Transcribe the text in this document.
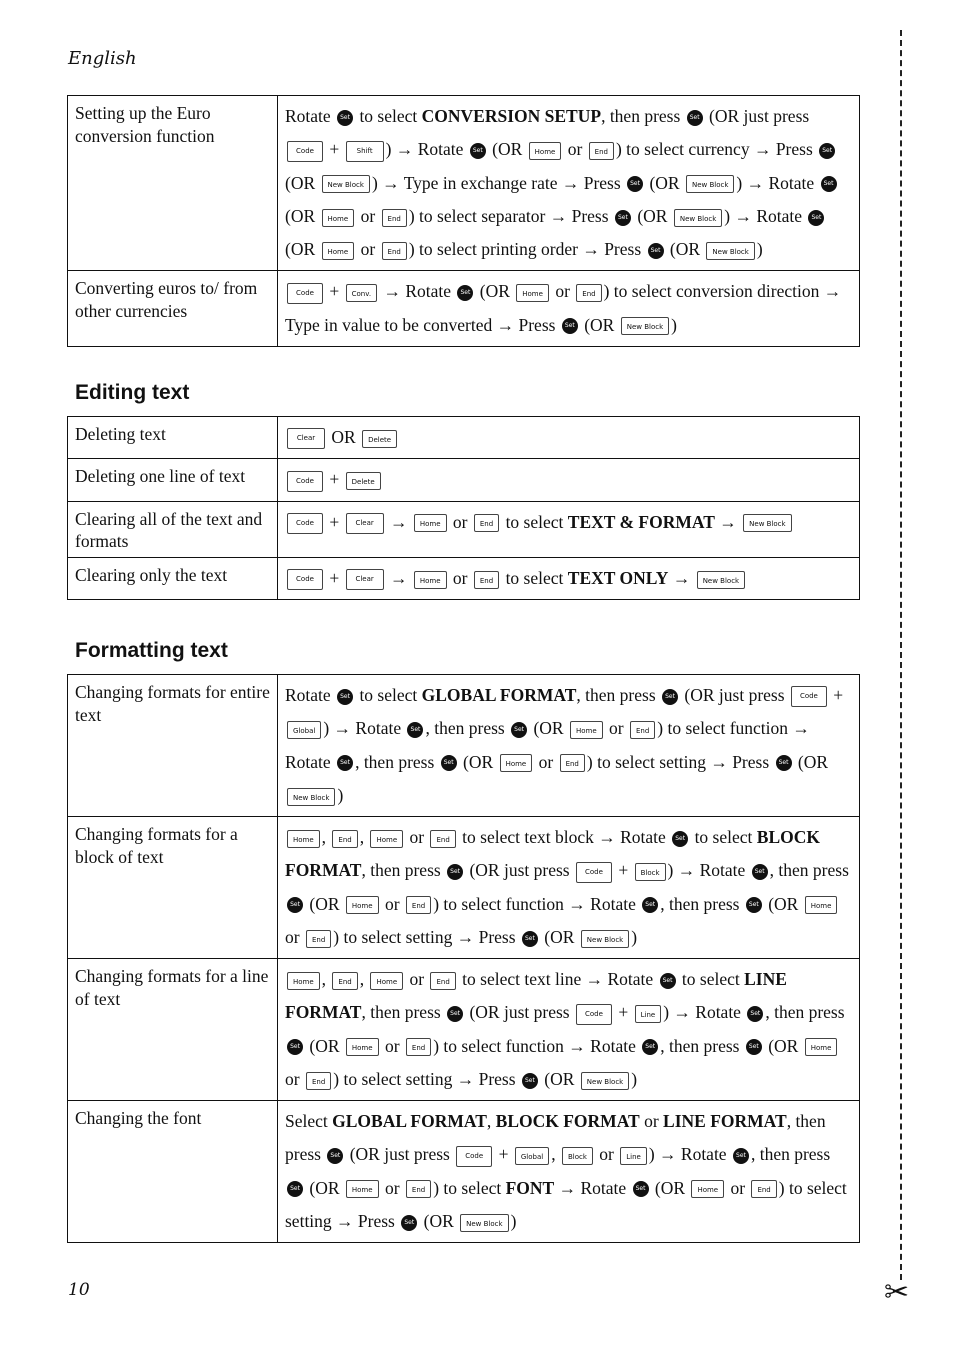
English
✂
10
Setting up the Euro conversion function	Rotate Set to select CONVERSION SETUP, then press Set (OR just press Code + Shift ) → Rotate Set (OR Home or End ) to select currency → Press Set (OR New Block ) → Type in exchange rate → Press Set (OR New Block ) → Rotate Set (OR Home or End ) to select separator → Press Set (OR New Block ) → Rotate Set (OR Home or End ) to select printing order → Press Set (OR New Block )
Converting euros to/ from other currencies	Code + Conv. → Rotate Set (OR Home or End ) to select conversion direction → Type in value to be converted → Press Set (OR New Block )
Editing text
Deleting text	Clear OR Delete
Deleting one line of text	Code + Delete
Clearing all of the text and formats	Code + Clear → Home or End to select TEXT & FORMAT → New Block
Clearing only the text	Code + Clear → Home or End to select TEXT ONLY → New Block
Formatting text
Changing formats for entire text	Rotate Set to select GLOBAL FORMAT, then press Set (OR just press Code + Global ) → Rotate Set , then press Set (OR Home or End ) to select function → Rotate Set , then press Set (OR Home or End ) to select setting → Press Set (OR New Block )
Changing formats for a block of text	Home , End , Home or End to select text block → Rotate Set to select BLOCK FORMAT, then press Set (OR just press Code + Block ) → Rotate Set , then press Set (OR Home or End ) to select function → Rotate Set , then press Set (OR Home or End ) to select setting → Press Set (OR New Block )
Changing formats for a line of text	Home , End , Home or End to select text line → Rotate Set to select LINE FORMAT, then press Set (OR just press Code + Line ) → Rotate Set , then press Set (OR Home or End ) to select function → Rotate Set , then press Set (OR Home or End ) to select setting → Press Set (OR New Block )
Changing the font	Select GLOBAL FORMAT, BLOCK FORMAT or LINE FORMAT, then press Set (OR just press Code + Global , Block or Line ) → Rotate Set , then press Set (OR Home or End ) to select FONT → Rotate Set (OR Home or End ) to select setting → Press Set (OR New Block )
